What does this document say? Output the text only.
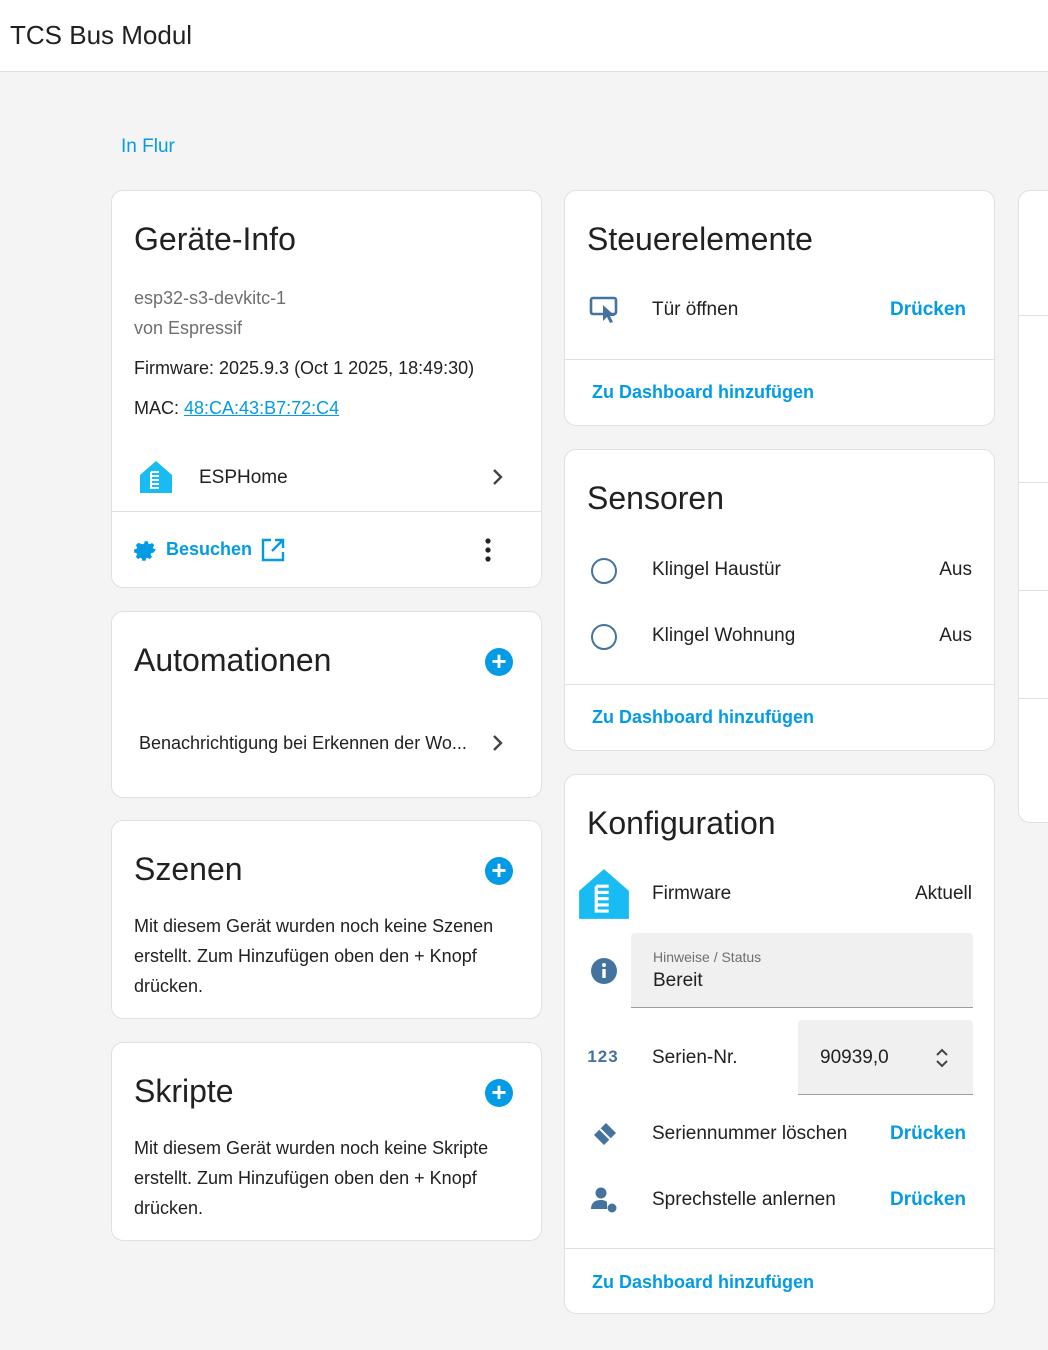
TCS Bus Modul
In Flur
Geräte-Info
esp32-s3-devkitc-1
von Espressif
Firmware: 2025.9.3 (Oct 1 2025, 18:49:30)
MAC: 48:CA:43:B7:72:C4
ESPHome
Besuchen
Automationen	+
Benachrichtigung bei Erkennen der Wo...
Szenen	+
Mit diesem Gerät wurden noch keine Szenen erstellt. Zum Hinzufügen oben den + Knopf drücken.
Skripte	+
Mit diesem Gerät wurden noch keine Skripte erstellt. Zum Hinzufügen oben den + Knopf drücken.
Steuerelemente
Tür öffnen	Drücken
Zu Dashboard hinzufügen
Sensoren
Klingel Haustür	Aus
Klingel Wohnung	Aus
Zu Dashboard hinzufügen
Konfiguration
Firmware	Aktuell
Hinweise / Status
Bereit
123 Serien-Nr.	90939,0
Seriennummer löschen Drücken
Sprechstelle anlernen	Drücken
Zu Dashboard hinzufügen
